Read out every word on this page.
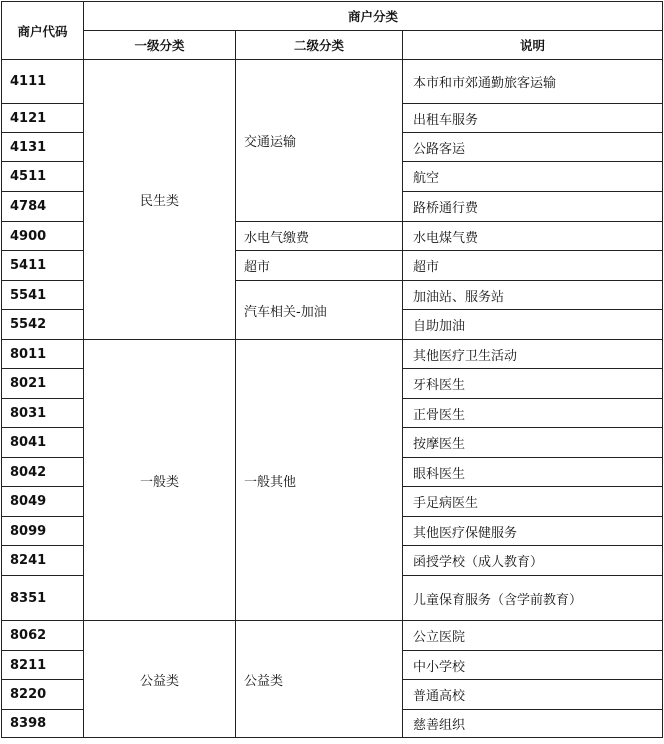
商户代码	商户分类		
	一级分类	二级分类	说明
4111	民生类	交通运输	本市和市郊通勤旅客运输
4121			出租车服务
4131			公路客运
4511			航空
4784			路桥通行费
4900		水电气缴费	水电煤气费
5411		超市	超市
5541		汽车相关-加油	加油站、服务站
5542			自助加油
8011	一般类	一般其他	其他医疗卫生活动
8021			牙科医生
8031			正骨医生
8041			按摩医生
8042			眼科医生
8049			手足病医生
8099			其他医疗保健服务
8241			函授学校（成人教育）
8351			儿童保育服务（含学前教育）
8062	公益类	公益类	公立医院
8211			中小学校
8220			普通高校
8398			慈善组织
